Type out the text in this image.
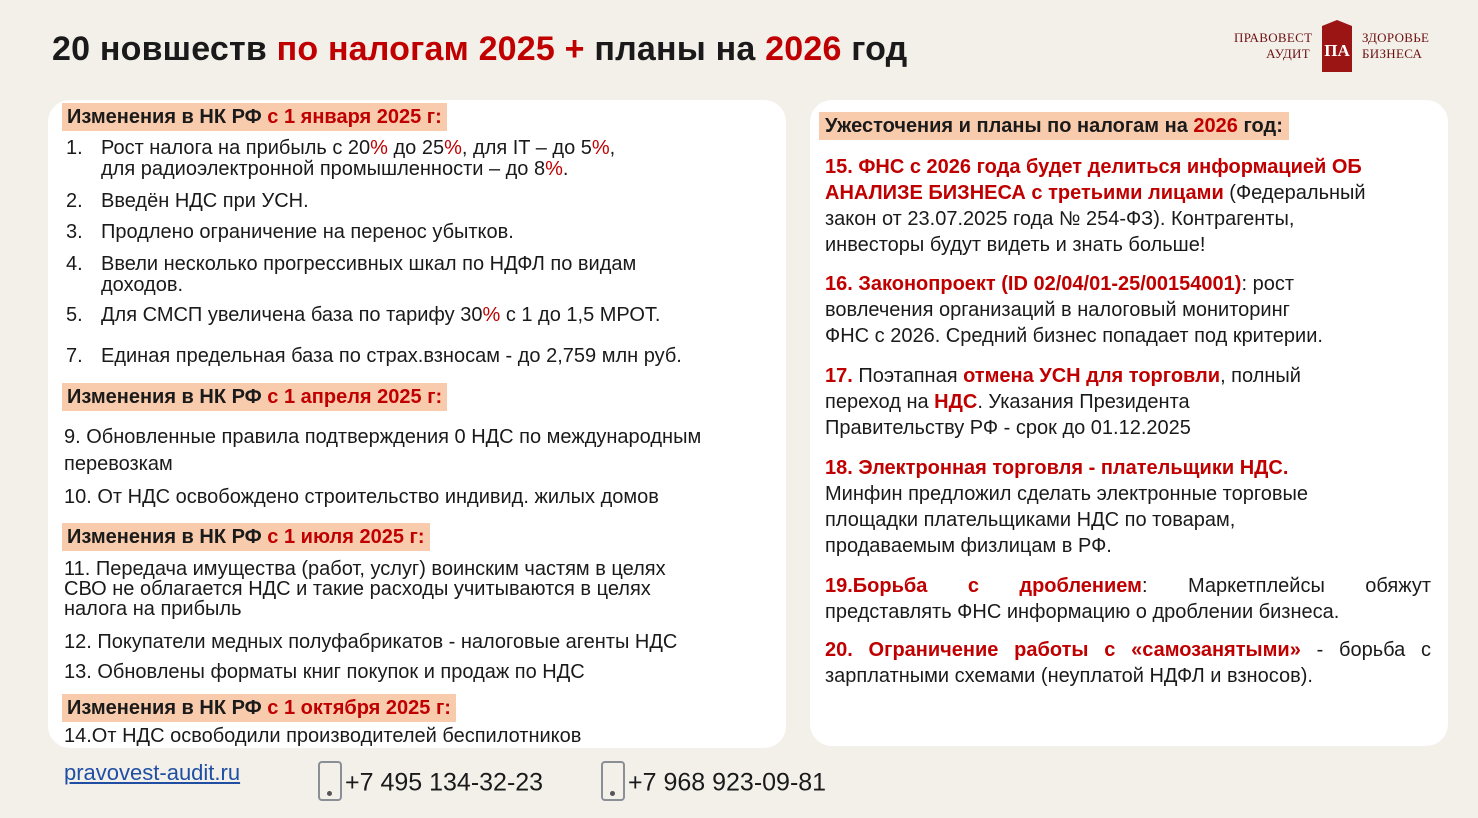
20 новшеств по налогам 2025 + планы на 2026 год	ПРАВОВЕСТ
АУДИТ ПА
ЗДОРОВЬЕ
БИЗНЕСА
Изменения в НК РФ с 1 января 2025 г:
1. Рост налога на прибыль с 20% до 25%, для IT – до 5%,
для радиоэлектронной промышленности – до 8%.
2. Введён НДС при УСН.
3. Продлено ограничение на перенос убытков.
4. Ввели несколько прогрессивных шкал по НДФЛ по видам
доходов.
5. Для СМСП увеличена база по тарифу 30% с 1 до 1,5 МРОТ.
7. Единая предельная база по страх.взносам - до 2,759 млн руб.
Изменения в НК РФ с 1 апреля 2025 г:
9. Обновленные правила подтверждения 0 НДС по международным
перевозкам
10. От НДС освобождено строительство индивид. жилых домов
Изменения в НК РФ с 1 июля 2025 г:
11. Передача имущества (работ, услуг) воинским частям в целях
СВО не облагается НДС и такие расходы учитываются в целях
налога на прибыль
12. Покупатели медных полуфабрикатов - налоговые агенты НДС
13. Обновлены форматы книг покупок и продаж по НДС
Изменения в НК РФ с 1 октября 2025 г:
14.От НДС освободили производителей беспилотников
Ужесточения и планы по налогам на 2026 год:
15. ФНС с 2026 года будет делиться информацией ОБ
АНАЛИЗЕ БИЗНЕСА с третьими лицами (Федеральный
закон от 23.07.2025 года № 254-ФЗ). Контрагенты,
инвесторы будут видеть и знать больше!
16. Законопроект (ID 02/04/01-25/00154001): рост
вовлечения организаций в налоговый мониторинг
ФНС с 2026. Средний бизнес попадает под критерии.
17. Поэтапная отмена УСН для торговли, полный
переход на НДС. Указания Президента
Правительству РФ - срок до 01.12.2025
18. Электронная торговля - плательщики НДС.
Минфин предложил сделать электронные торговые
площадки плательщиками НДС по товарам,
продаваемым физлицам в РФ.
19.Борьба с дроблением: Маркетплейсы обяжут
представлять ФНС информацию о дроблении бизнеса.
20. Ограничение работы с «самозанятыми» - борьба с
зарплатными схемами (неуплатой НДФЛ и взносов).
pravovest-audit.ru	+7 495 134-32-23	+7 968 923-09-81
